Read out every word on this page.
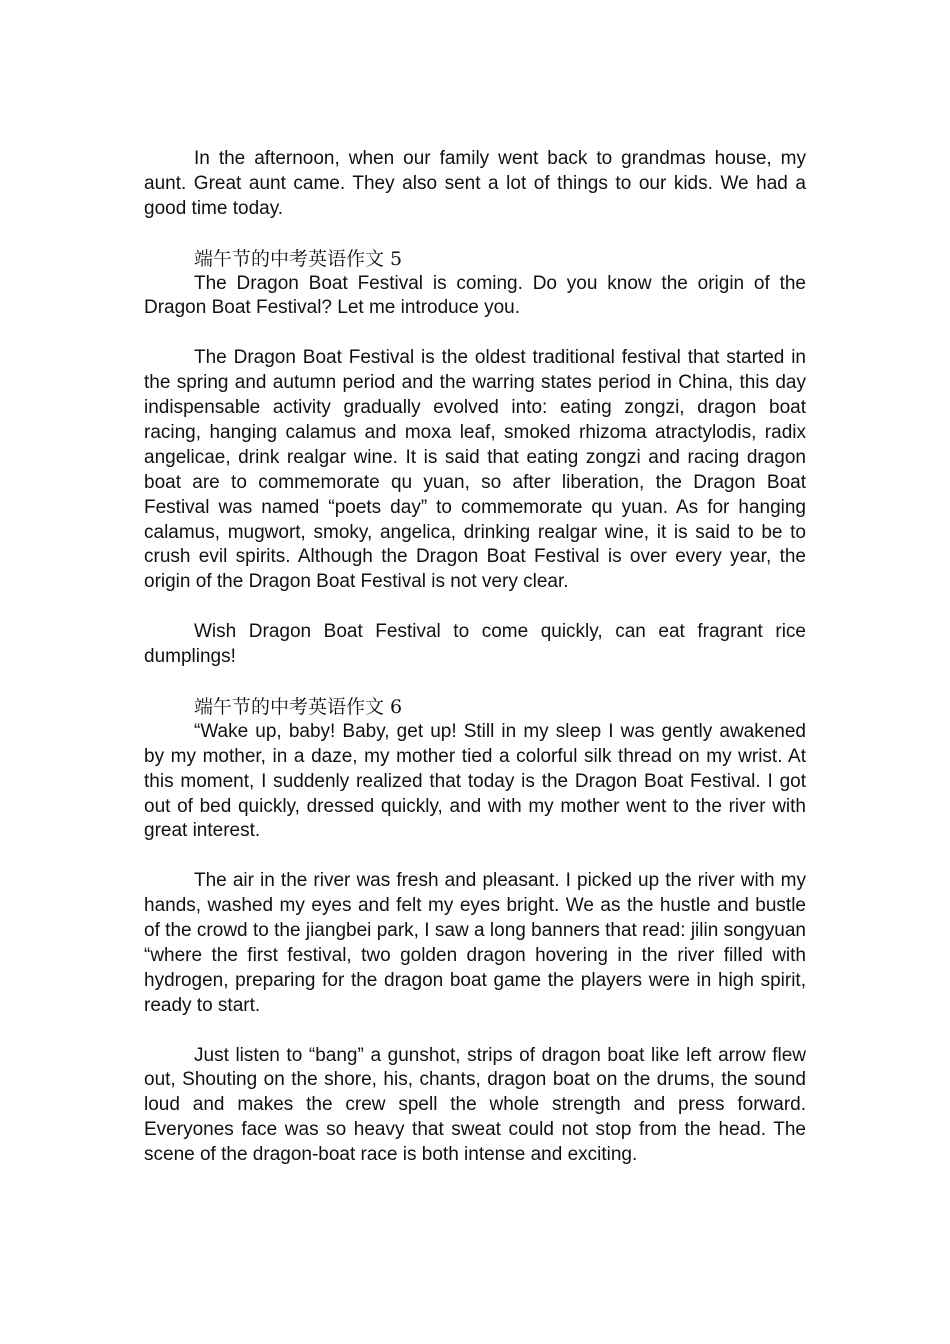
In the afternoon, when our family went back to grandmas house, my aunt. Great aunt came. They also sent a lot of things to our kids. We had a good time today.

端午节的中考英语作文 5

The Dragon Boat Festival is coming. Do you know the origin of the Dragon Boat Festival? Let me introduce you.

The Dragon Boat Festival is the oldest traditional festival that started in the spring and autumn period and the warring states period in China, this day indispensable activity gradually evolved into: eating zongzi, dragon boat racing, hanging calamus and moxa leaf, smoked rhizoma atractylodis, radix angelicae, drink realgar wine. It is said that eating zongzi and racing dragon boat are to commemorate qu yuan, so after liberation, the Dragon Boat Festival was named “poets day” to commemorate qu yuan. As for hanging calamus, mugwort, smoky, angelica, drinking realgar wine, it is said to be to crush evil spirits. Although the Dragon Boat Festival is over every year, the origin of the Dragon Boat Festival is not very clear.

Wish Dragon Boat Festival to come quickly, can eat fragrant rice dumplings!

端午节的中考英语作文 6

“Wake up, baby! Baby, get up! Still in my sleep I was gently awakened by my mother, in a daze, my mother tied a colorful silk thread on my wrist. At this moment, I suddenly realized that today is the Dragon Boat Festival. I got out of bed quickly, dressed quickly, and with my mother went to the river with great interest.

The air in the river was fresh and pleasant. I picked up the river with my hands, washed my eyes and felt my eyes bright. We as the hustle and bustle of the crowd to the jiangbei park, I saw a long banners that read: jilin songyuan “where the first festival, two golden dragon hovering in the river filled with hydrogen, preparing for the dragon boat game the players were in high spirit, ready to start.

Just listen to “bang” a gunshot, strips of dragon boat like left arrow flew out, Shouting on the shore, his, chants, dragon boat on the drums, the sound loud and makes the crew spell the whole strength and press forward. Everyones face was so heavy that sweat could not stop from the head. The scene of the dragon-boat race is both intense and exciting.
